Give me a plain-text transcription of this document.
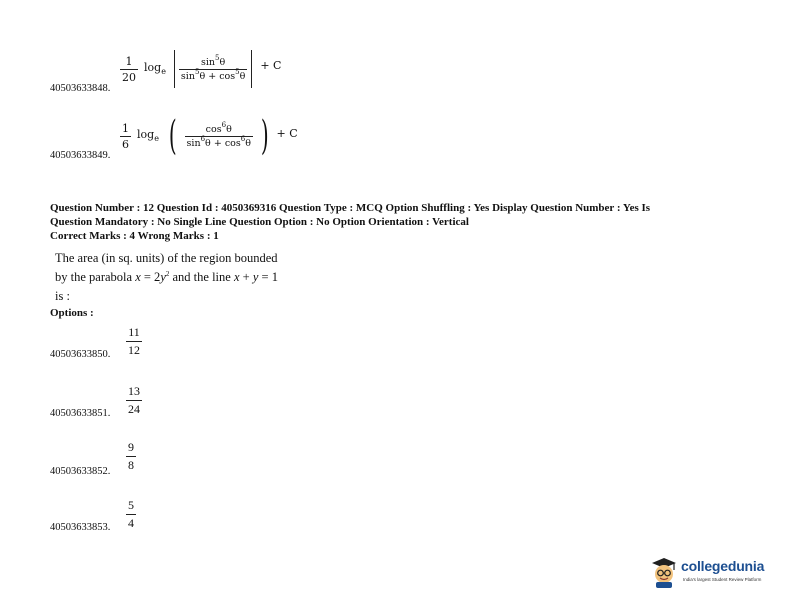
40503633848.
$\frac{1}{20} \log_e \frac{\sin^5\theta}{\sin^5\theta + \cos^5\theta} + C$
40503633849.
$\frac{1}{6} \log_e$ ( $\frac{\cos^6\theta}{\sin^6\theta + \cos^6\theta}$ ) + C
Question Number : 12 Question Id : 4050369316 Question Type : MCQ Option Shuffling : Yes Display Question Number : Yes Is
Question Mandatory : No Single Line Question Option : No Option Orientation : Vertical
Correct Marks : 4 Wrong Marks : 1
The area (in sq. units) of the region bounded
by the parabola $x = 2y^2$ and the line x + y = 1
is :
Options :
40503633850.
11
12
40503633851.
13
24
40503633852.
9
8
40503633853.
5
4
collegedunia
India's largest Student Review Platform
